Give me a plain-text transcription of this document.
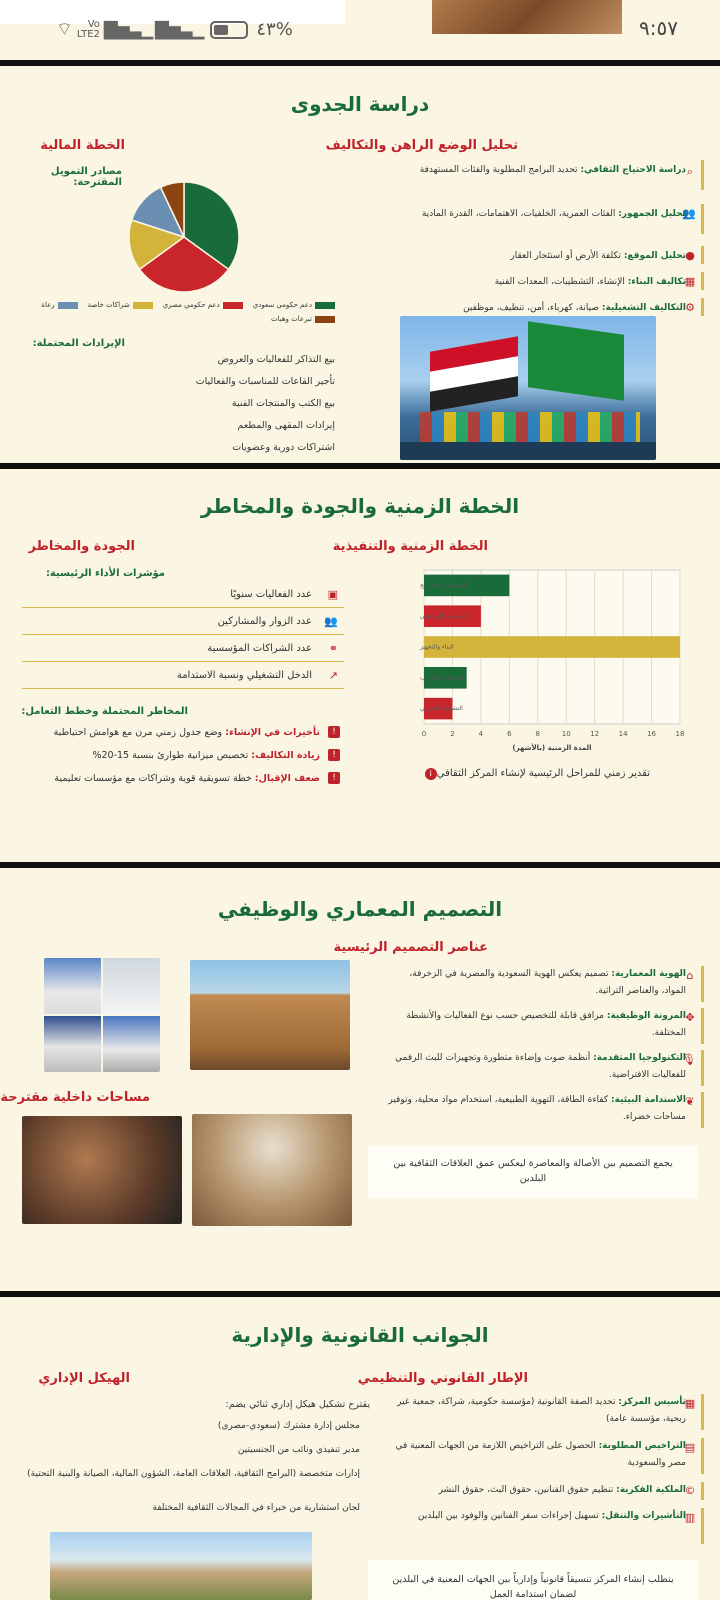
٩:٥٧
%٤٣
▁▃▅▇ ▁▃▅▇
Vo
LTE2
⌔
دراسة الجدوى
تحليل الوضع الراهن والتكاليف
الخطة المالية
⌕
دراسة الاحتياج الثقافي: تحديد البرامج المطلوبة والفئات المستهدفة
👥
تحليل الجمهور: الفئات العمرية، الخلفيات، الاهتمامات، القدرة المادية
●
تحليل الموقع: تكلفة الأرض أو استئجار العقار
▦
تكاليف البناء: الإنشاء، التشطيبات، المعدات الفنية
⚙
التكاليف التشغيلية: صيانة، كهرباء، أمن، تنظيف، موظفين
مصادر التمويل المقترحة:
دعم حكومي سعوديدعم حكومي مصريشراكات خاصةرعاةتبرعات وهبات
الإيرادات المحتملة:
بيع التذاكر للفعاليات والعروض
تأجير القاعات للمناسبات والفعاليات
بيع الكتب والمنتجات الفنية
إيرادات المقهى والمطعم
اشتراكات دورية وعضويات
الخطة الزمنية والجودة والمخاطر
الخطة الزمنية والتنفيذية
الجودة والمخاطر
0	2	4	6	8	10	12	14	16	18
التخطيط والتصاريح
التصميم والتراخيص
البناء والتجهيز
التوظيف والتدريب
التشغيل التجريبي
المدة الزمنية (بالأشهر)
i تقدير زمني للمراحل الرئيسية لإنشاء المركز الثقافي
مؤشرات الأداء الرئيسية:
▣
عدد الفعاليات سنويًا
👥
عدد الزوار والمشاركين
⚭
عدد الشراكات المؤسسية
↗
الدخل التشغيلي ونسبة الاستدامة
المخاطر المحتملة وخطط التعامل:
!
تأخيرات في الإنشاء: وضع جدول زمني مرن مع هوامش احتياطية
!
زيادة التكاليف: تخصيص ميزانية طوارئ بنسبة 15-20%
!
ضعف الإقبال: خطة تسويقية قوية وشراكات مع مؤسسات تعليمية
التصميم المعماري والوظيفي
عناصر التصميم الرئيسية
⌂
الهوية المعمارية: تصميم يعكس الهوية السعودية والمصرية في الزخرفة، المواد، والعناصر التراثية.
✥
المرونة الوظيفية: مرافق قابلة للتخصيص حسب نوع الفعاليات والأنشطة المختلفة.
🎙
التكنولوجيا المتقدمة: أنظمة صوت وإضاءة متطورة وتجهيزات للبث الرقمي للفعاليات الافتراضية.
❦
الاستدامة البيئية: كفاءة الطاقة، التهوية الطبيعية، استخدام مواد محلية، وتوفير مساحات خضراء.
يجمع التصميم بين الأصالة والمعاصرة ليعكس عمق العلاقات الثقافية بين البلدين
مساحات داخلية مقترحة
الجوانب القانونية والإدارية
الإطار القانوني والتنظيمي
الهيكل الإداري
▦
تأسيس المركز: تحديد الصفة القانونية (مؤسسة حكومية، شراكة، جمعية غير ربحية، مؤسسة عامة)
▤
التراخيص المطلوبة: الحصول على التراخيص اللازمة من الجهات المعنية في مصر والسعودية
©
الملكية الفكرية: تنظيم حقوق الفنانين، حقوق البث، حقوق النشر
▥
التأشيرات والتنقل: تسهيل إجراءات سفر الفنانين والوفود بين البلدين
يتطلب إنشاء المركز تنسيقاً قانونياً وإدارياً بين الجهات المعنية في البلدين لضمان استدامة العمل
يقترح تشكيل هيكل إداري ثنائي يضم:
مجلس إدارة مشترك (سعودي-مصري)
مدير تنفيذي ونائب من الجنسيتين
إدارات متخصصة (البرامج الثقافية، العلاقات العامة، الشؤون المالية، الصيانة والبنية التحتية)
لجان استشارية من خبراء في المجالات الثقافية المختلفة
